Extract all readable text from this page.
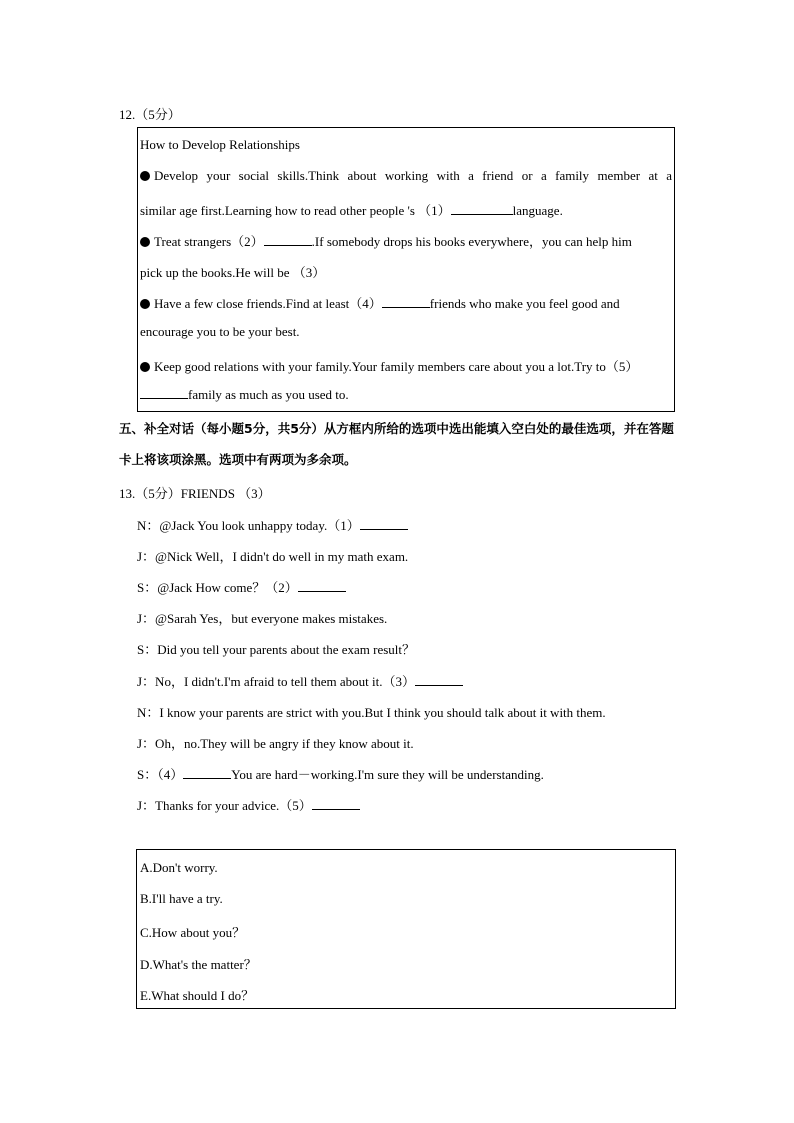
12.（5分）
How to Develop Relationships
Develop your social skills.Think about working with a friend or a family member at a
similar age first.Learning how to read other people 's （1）	language.
Treat strangers（2）	.If somebody drops his books everywhere，you can help him
pick up the books.He will be （3）
Have a few close friends.Find at least（4）	friends who make you feel good and
encourage you to be your best.
Keep good relations with your family.Your family members care about you a lot.Try to（5）
family as much as you used to.
五、补全对话（每小题5分，共5分）从方框内所给的选项中选出能填入空白处的最佳选项，并在答题卡上将该项涂黑。选项中有两项为多余项。
13.（5分）FRIENDS （3）
N：@Jack You look unhappy today.（1）
J：@Nick Well，I didn't do well in my math exam.
S：@Jack How come？（2）
J：@Sarah Yes，but everyone makes mistakes.
S：Did you tell your parents about the exam result？
J：No，I didn't.I'm afraid to tell them about it.（3）
N：I know your parents are strict with you.But I think you should talk about it with them.
J：Oh，no.They will be angry if they know about it.
S：（4）	You are hard－working.I'm sure they will be understanding.
J：Thanks for your advice.（5）
A.Don't worry.
B.I'll have a try.
C.How about you？
D.What's the matter？
E.What should I do？
